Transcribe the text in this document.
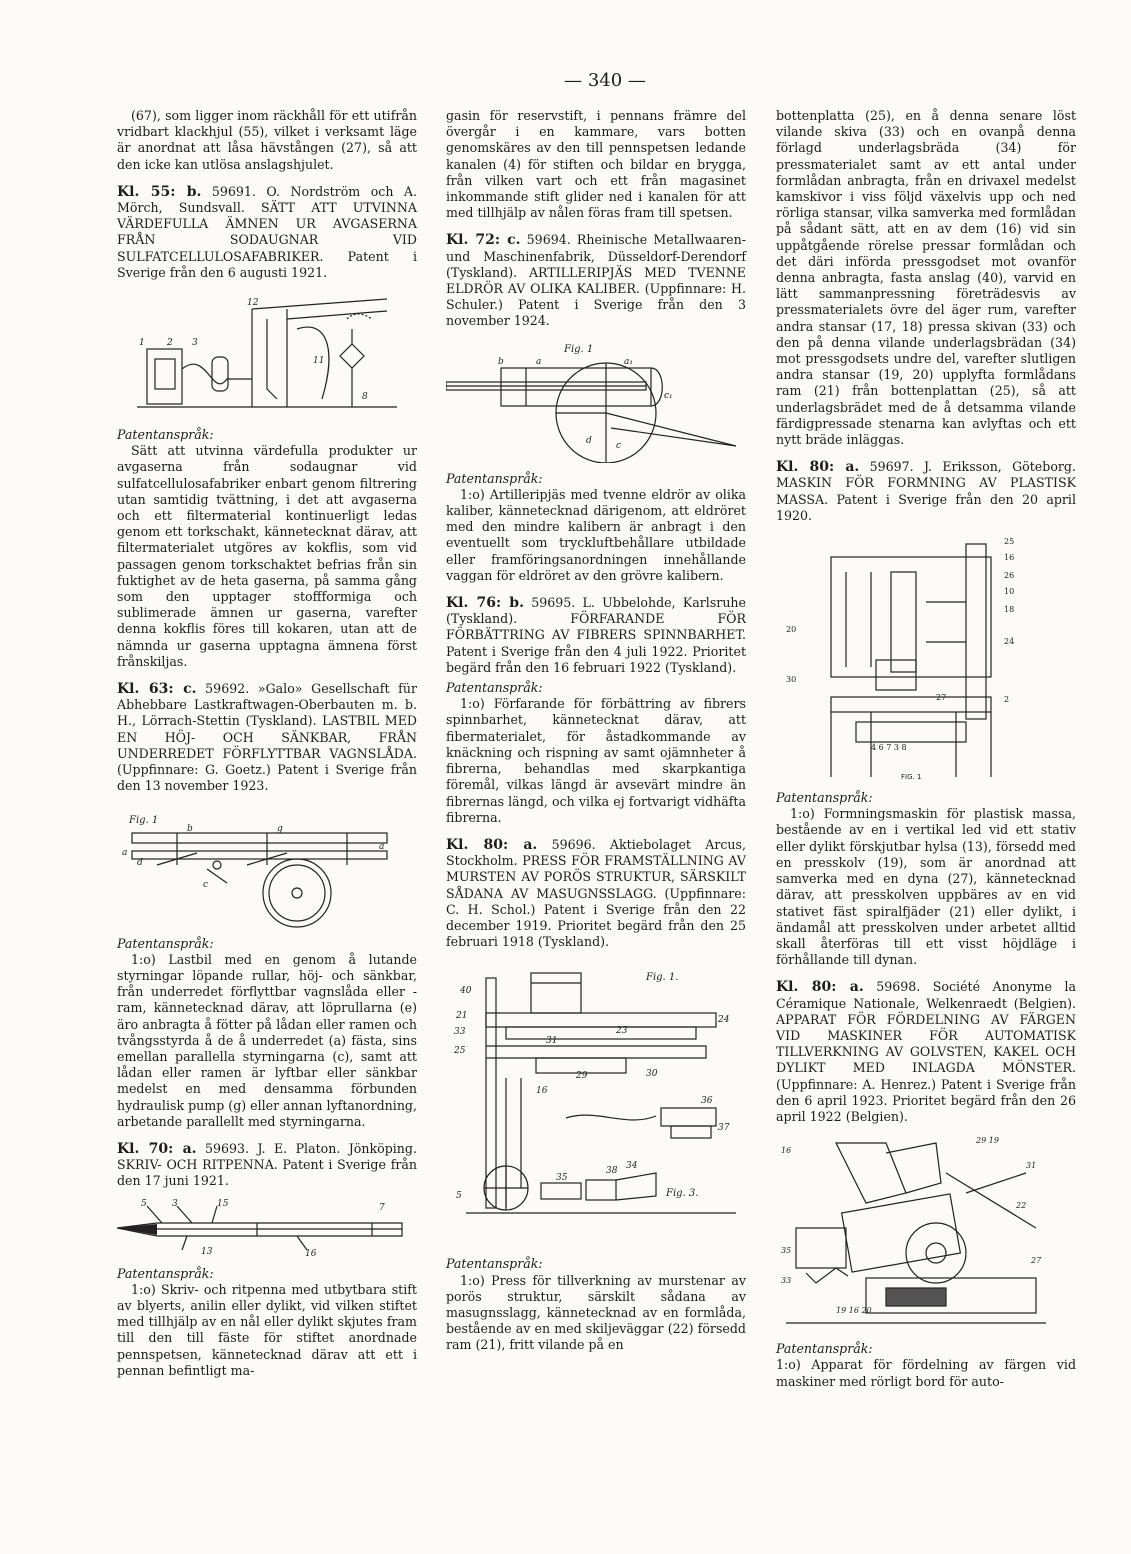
— 340 —

(67), som ligger inom räckhåll för ett utifrån vridbart klackhjul (55), vilket i verksamt läge är anordnat att låsa hävstången (27), så att den icke kan utlösa anslagshjulet.

Kl. 55: b. 59691. O. Nordström och A. Mörch, Sundsvall. SÄTT ATT UTVINNA VÄRDEFULLA ÄMNEN UR AVGASERNA FRÅN SODAUGNAR VID SULFATCELLULOSAFABRIKER. Patent i Sverige från den 6 augusti 1921.

1 2 3
12
11
8

Patentanspråk:

Sätt att utvinna värdefulla produkter ur avgaserna från sodaugnar vid sulfatcellulosafabriker enbart genom filtrering utan samtidig tvättning, i det att avgaserna och ett filtermaterial kontinuerligt ledas genom ett torkschakt, kännetecknat därav, att filtermaterialet utgöres av kokflis, som vid passagen genom torkschaktet befrias från sin fuktighet av de heta gaserna, på samma gång som den upptager stoffformiga och sublimerade ämnen ur gaserna, varefter denna kokflis föres till kokaren, utan att de nämnda ur gaserna upptagna ämnena först frånskiljas.

Kl. 63: c. 59692. »Galo» Gesellschaft für Abhebbare Lastkraftwagen-Oberbauten m. b. H., Lörrach-Stettin (Tyskland). LASTBIL MED EN HÖJ- OCH SÄNKBAR, FRÅN UNDERREDET FÖRFLYTTBAR VAGNSLÅDA. (Uppfinnare: G. Goetz.) Patent i Sverige från den 13 november 1923.

Fig. 1
a
d
b	g
a
c

Patentanspråk:

1:o) Lastbil med en genom å lutande styrningar löpande rullar, höj- och sänkbar, från underredet förflyttbar vagnslåda eller -ram, kännetecknad därav, att löprullarna (e) äro anbragta å fötter på lådan eller ramen och tvångsstyrda å de å underredet (a) fästa, sins emellan parallella styrningarna (c), samt att lådan eller ramen är lyftbar eller sänkbar medelst en med densamma förbunden hydraulisk pump (g) eller annan lyftanordning, arbetande parallellt med styrningarna.

Kl. 70: a. 59693. J. E. Platon. Jönköping. SKRIV- OCH RITPENNA. Patent i Sverige från den 17 juni 1921.

5	3	15	7
13	16

Patentanspråk:

1:o) Skriv- och ritpenna med utbytbara stift av blyerts, anilin eller dylikt, vid vilken stiftet med tillhjälp av en nål eller dylikt skjutes fram till den till fäste för stiftet anordnade pennspetsen, kännetecknad därav att ett i pennan befintligt ma-

gasin för reservstift, i pennans främre del övergår i en kammare, vars botten genomskäres av den till pennspetsen ledande kanalen (4) för stiften och bildar en brygga, från vilken vart och ett från magasinet inkommande stift glider ned i kanalen för att med tillhjälp av nålen föras fram till spetsen.

Kl. 72: c. 59694. Rheinische Metallwaaren- und Maschinenfabrik, Düsseldorf-Derendorf (Tyskland). ARTILLERIPJÄS MED TVENNE ELDRÖR AV OLIKA KALIBER. (Uppfinnare: H. Schuler.) Patent i Sverige från den 3 november 1924.

Fig. 1
b	a	a₁
d	c
c₁

Patentanspråk:

1:o) Artilleripjäs med tvenne eldrör av olika kaliber, kännetecknad därigenom, att eldröret med den mindre kalibern är anbragt i den eventuellt som tryckluftbehållare utbildade eller framföringsanordningen innehållande vaggan för eldröret av den grövre kalibern.

Kl. 76: b. 59695. L. Ubbelohde, Karlsruhe (Tyskland). FÖRFARANDE FÖR FÖRBÄTTRING AV FIBRERS SPINNBARHET. Patent i Sverige från den 4 juli 1922. Prioritet begärd från den 16 februari 1922 (Tyskland).

Patentanspråk:

1:o) Förfarande för förbättring av fibrers spinnbarhet, kännetecknat därav, att fibermaterialet, för åstadkommande av knäckning och rispning av samt ojämnheter å fibrerna, behandlas med skarpkantiga föremål, vilkas längd är avsevärt mindre än fibrernas längd, och vilka ej fortvarigt vidhäfta fibrerna.

Kl. 80: a. 59696. Aktiebolaget Arcus, Stockholm. PRESS FÖR FRAMSTÄLLNING AV MURSTEN AV PORÖS STRUKTUR, SÄRSKILT SÅDANA AV MASUGNSSLAGG. (Uppfinnare: C. H. Schol.) Patent i Sverige från den 22 december 1919. Prioritet begärd från den 25 februari 1918 (Tyskland).

Fig. 1.
Fig. 3.
40
21
33
25
31
23
24
29	30
36
37
34
35
38
5
16

Patentanspråk:

1:o) Press för tillverkning av murstenar av porös struktur, särskilt sådana av masugnsslagg, kännetecknad av en formlåda, bestående av en med skiljeväggar (22) försedd ram (21), fritt vilande på en

bottenplatta (25), en å denna senare löst vilande skiva (33) och en ovanpå denna förlagd underlagsbräda (34) för pressmaterialet samt av ett antal under formlådan anbragta, från en drivaxel medelst kamskivor i viss följd växelvis upp och ned rörliga stansar, vilka samverka med formlådan på sådant sätt, att en av dem (16) vid sin uppåtgående rörelse pressar formlådan och det däri införda pressgodset mot ovanför denna anbragta, fasta anslag (40), varvid en lätt sammanpressning företrädesvis av pressmaterialets övre del äger rum, varefter andra stansar (17, 18) pressa skivan (33) och den på denna vilande underlagsbrädan (34) mot pressgodsets undre del, varefter slutligen andra stansar (19, 20) upplyfta formlådans ram (21) från bottenplattan (25), så att underlagsbrädet med de å detsamma vilande färdigpressade stenarna kan avlyftas och ett nytt bräde inläggas.

Kl. 80: a. 59697. J. Eriksson, Göteborg. MASKIN FÖR FORMNING AV PLASTISK MASSA. Patent i Sverige från den 20 april 1920.

25
16
26
10
18
24
2
30
20
27
4 6 7 3 8
FIG. 1

Patentanspråk:

1:o) Formningsmaskin för plastisk massa, bestående av en i vertikal led vid ett stativ eller dylikt förskjutbar hylsa (13), försedd med en presskolv (19), som är anordnad att samverka med en dyna (27), kännetecknad därav, att presskolven uppbäres av en vid stativet fäst spiralfjäder (21) eller dylikt, i ändamål att presskolven under arbetet alltid skall återföras till ett visst höjdläge i förhållande till dynan.

Kl. 80: a. 59698. Société Anonyme la Céramique Nationale, Welkenraedt (Belgien). APPARAT FÖR FÖRDELNING AV FÄRGEN VID MASKINER FÖR AUTOMATISK TILLVERKNING AV GOLVSTEN, KAKEL OCH DYLIKT MED INLAGDA MÖNSTER. (Uppfinnare: A. Henrez.) Patent i Sverige från den 6 april 1923. Prioritet begärd från den 26 april 1922 (Belgien).

16
35
33
29 19
31
22
27
19 16 20

Patentanspråk:

1:o) Apparat för fördelning av färgen vid maskiner med rörligt bord för auto-
